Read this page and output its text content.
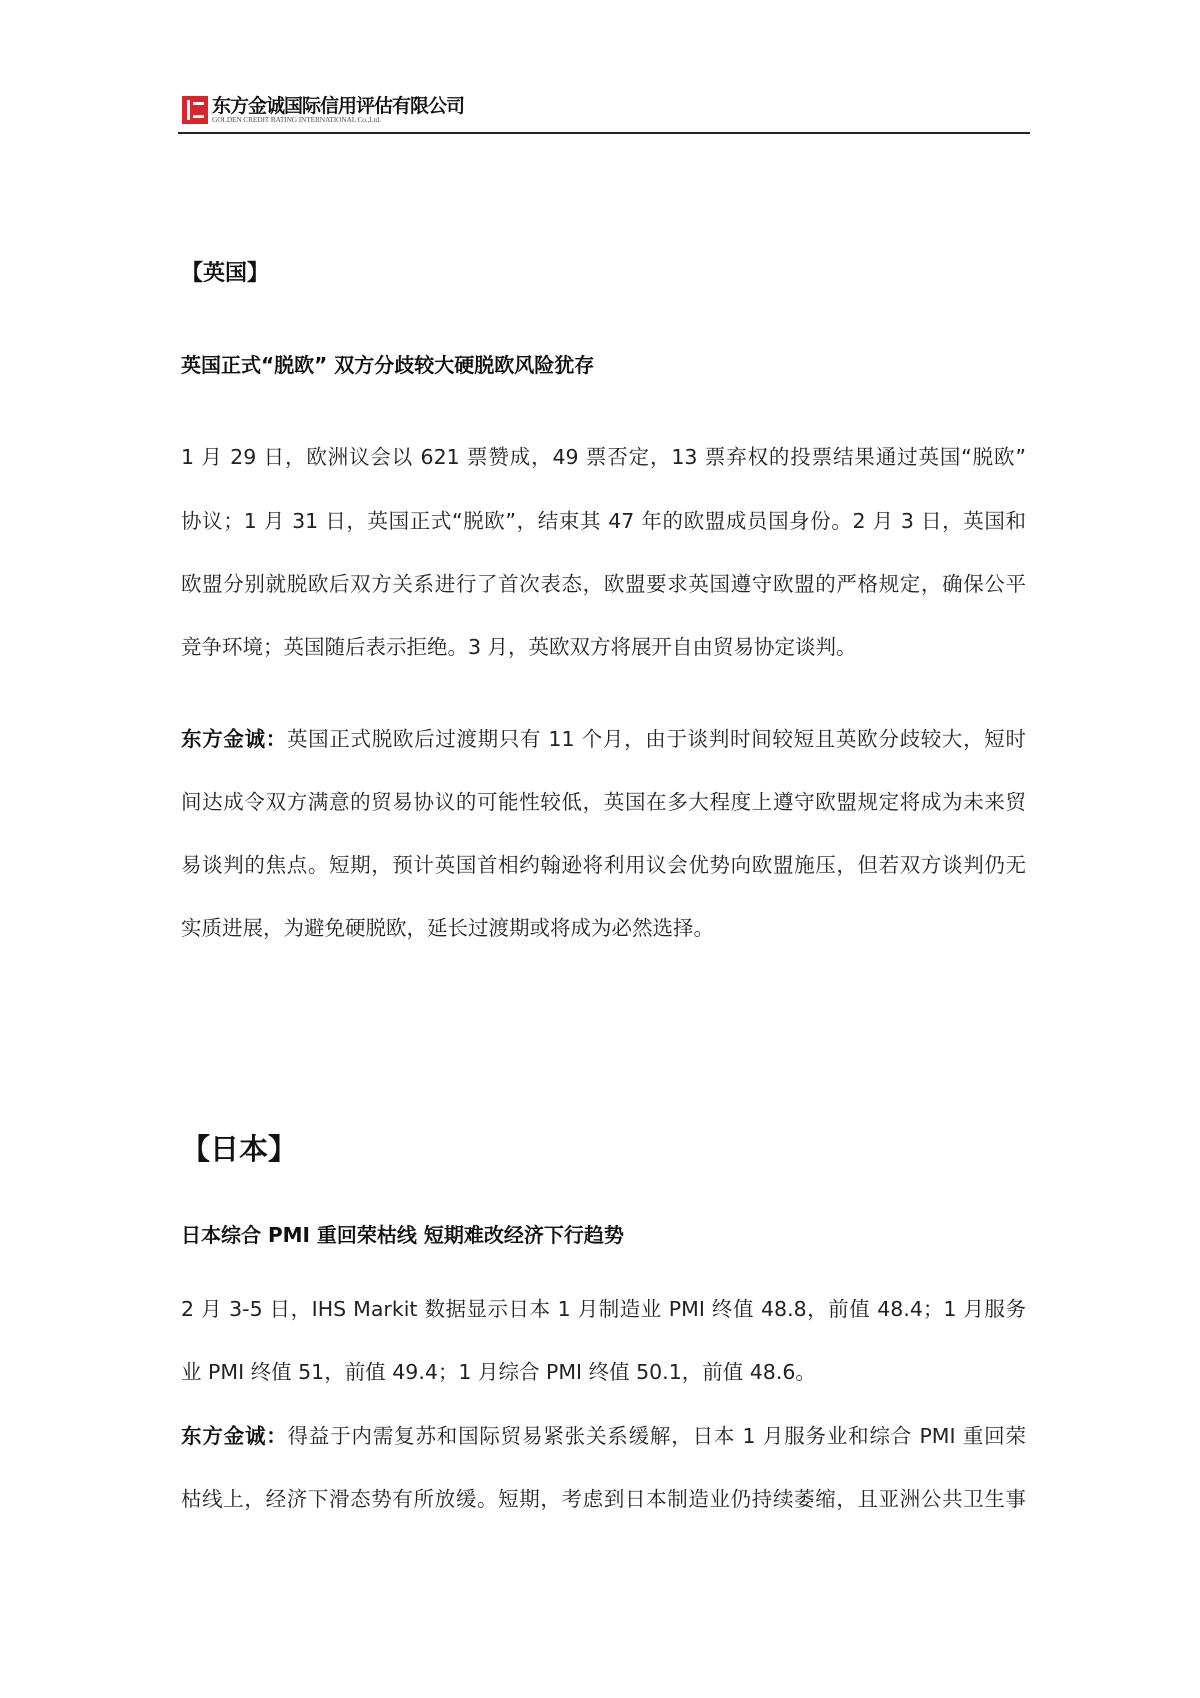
东方金诚国际信用评估有限公司
GOLDEN CREDIT RATING INTERNATIONAL Co.,Ltd.
【英国】
英国正式“脱欧” 双方分歧较大硬脱欧风险犹存
1 月 29 日，欧洲议会以 621 票赞成，49 票否定，13 票弃权的投票结果通过英国“脱欧”
协议；1 月 31 日，英国正式“脱欧”，结束其 47 年的欧盟成员国身份。2 月 3 日，英国和
欧盟分别就脱欧后双方关系进行了首次表态，欧盟要求英国遵守欧盟的严格规定，确保公平
竞争环境；英国随后表示拒绝。3 月，英欧双方将展开自由贸易协定谈判。
东方金诚：英国正式脱欧后过渡期只有 11 个月，由于谈判时间较短且英欧分歧较大，短时
间达成令双方满意的贸易协议的可能性较低，英国在多大程度上遵守欧盟规定将成为未来贸
易谈判的焦点。短期，预计英国首相约翰逊将利用议会优势向欧盟施压，但若双方谈判仍无
实质进展，为避免硬脱欧，延长过渡期或将成为必然选择。
【日本】
日本综合 PMI 重回荣枯线 短期难改经济下行趋势
2 月 3-5 日，IHS Markit 数据显示日本 1 月制造业 PMI 终值 48.8，前值 48.4；1 月服务
业 PMI 终值 51，前值 49.4；1 月综合 PMI 终值 50.1，前值 48.6。
东方金诚：得益于内需复苏和国际贸易紧张关系缓解，日本 1 月服务业和综合 PMI 重回荣
枯线上，经济下滑态势有所放缓。短期，考虑到日本制造业仍持续萎缩，且亚洲公共卫生事
